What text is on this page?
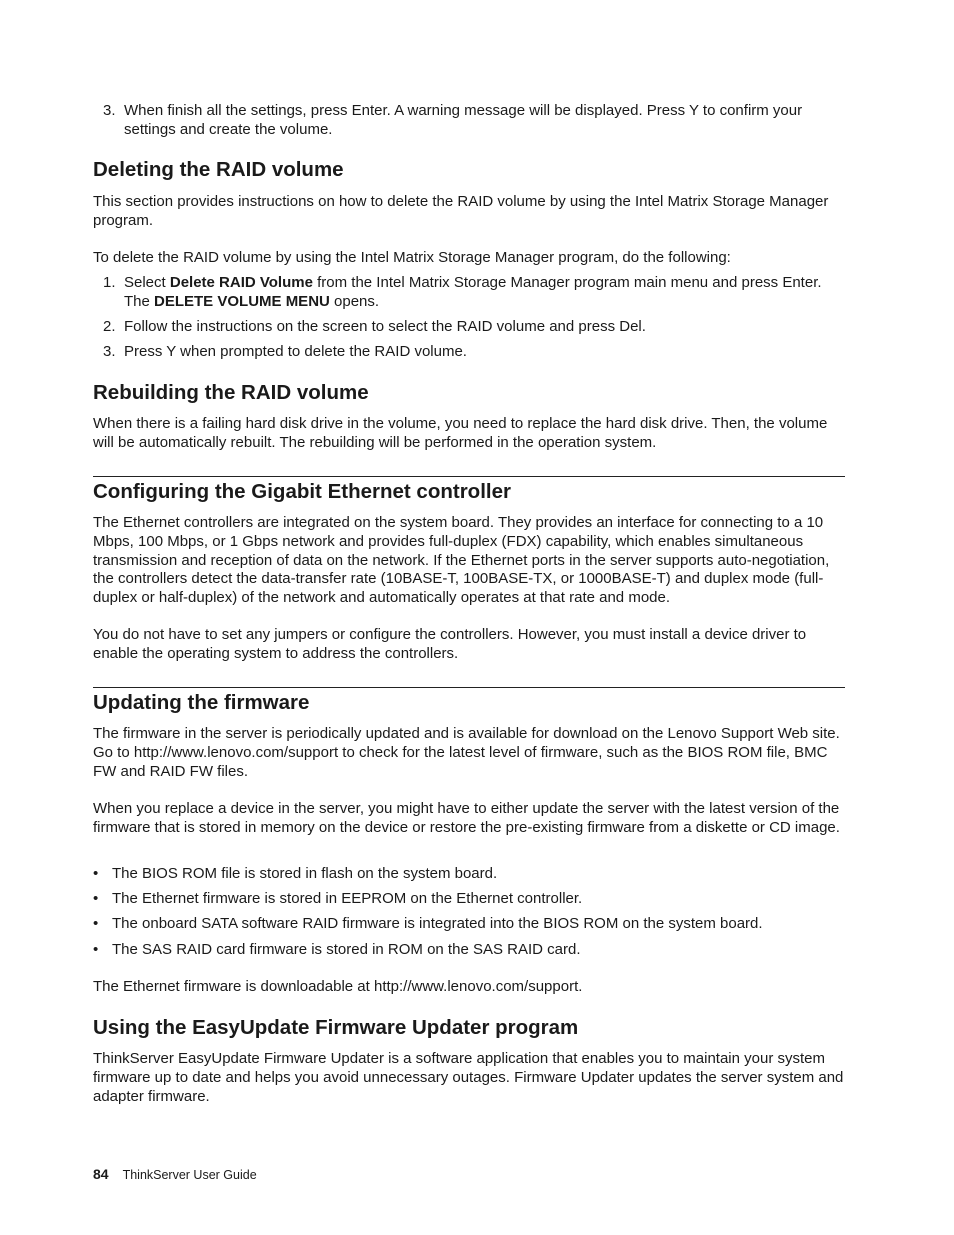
3. When finish all the settings, press Enter. A warning message will be displayed. Press Y to confirm your settings and create the volume.
Deleting the RAID volume

This section provides instructions on how to delete the RAID volume by using the Intel Matrix Storage Manager program.

To delete the RAID volume by using the Intel Matrix Storage Manager program, do the following:

1. Select Delete RAID Volume from the Intel Matrix Storage Manager program main menu and press Enter. The DELETE VOLUME MENU opens.
2. Follow the instructions on the screen to select the RAID volume and press Del.
3. Press Y when prompted to delete the RAID volume.
Rebuilding the RAID volume

When there is a failing hard disk drive in the volume, you need to replace the hard disk drive. Then, the volume will be automatically rebuilt. The rebuilding will be performed in the operation system.

Configuring the Gigabit Ethernet controller

The Ethernet controllers are integrated on the system board. They provides an interface for connecting to a 10 Mbps, 100 Mbps, or 1 Gbps network and provides full-duplex (FDX) capability, which enables simultaneous transmission and reception of data on the network. If the Ethernet ports in the server supports auto-negotiation, the controllers detect the data-transfer rate (10BASE-T, 100BASE-TX, or 1000BASE-T) and duplex mode (full-duplex or half-duplex) of the network and automatically operates at that rate and mode.

You do not have to set any jumpers or configure the controllers. However, you must install a device driver to enable the operating system to address the controllers.

Updating the firmware

The firmware in the server is periodically updated and is available for download on the Lenovo Support Web site. Go to http://www.lenovo.com/support to check for the latest level of firmware, such as the BIOS ROM file, BMC FW and RAID FW files.

When you replace a device in the server, you might have to either update the server with the latest version of the firmware that is stored in memory on the device or restore the pre-existing firmware from a diskette or CD image.

• The BIOS ROM file is stored in flash on the system board.
• The Ethernet firmware is stored in EEPROM on the Ethernet controller.
• The onboard SATA software RAID firmware is integrated into the BIOS ROM on the system board.
• The SAS RAID card firmware is stored in ROM on the SAS RAID card.

The Ethernet firmware is downloadable at http://www.lenovo.com/support.

Using the EasyUpdate Firmware Updater program

ThinkServer EasyUpdate Firmware Updater is a software application that enables you to maintain your system firmware up to date and helps you avoid unnecessary outages. Firmware Updater updates the server system and adapter firmware.

84 ThinkServer User Guide
